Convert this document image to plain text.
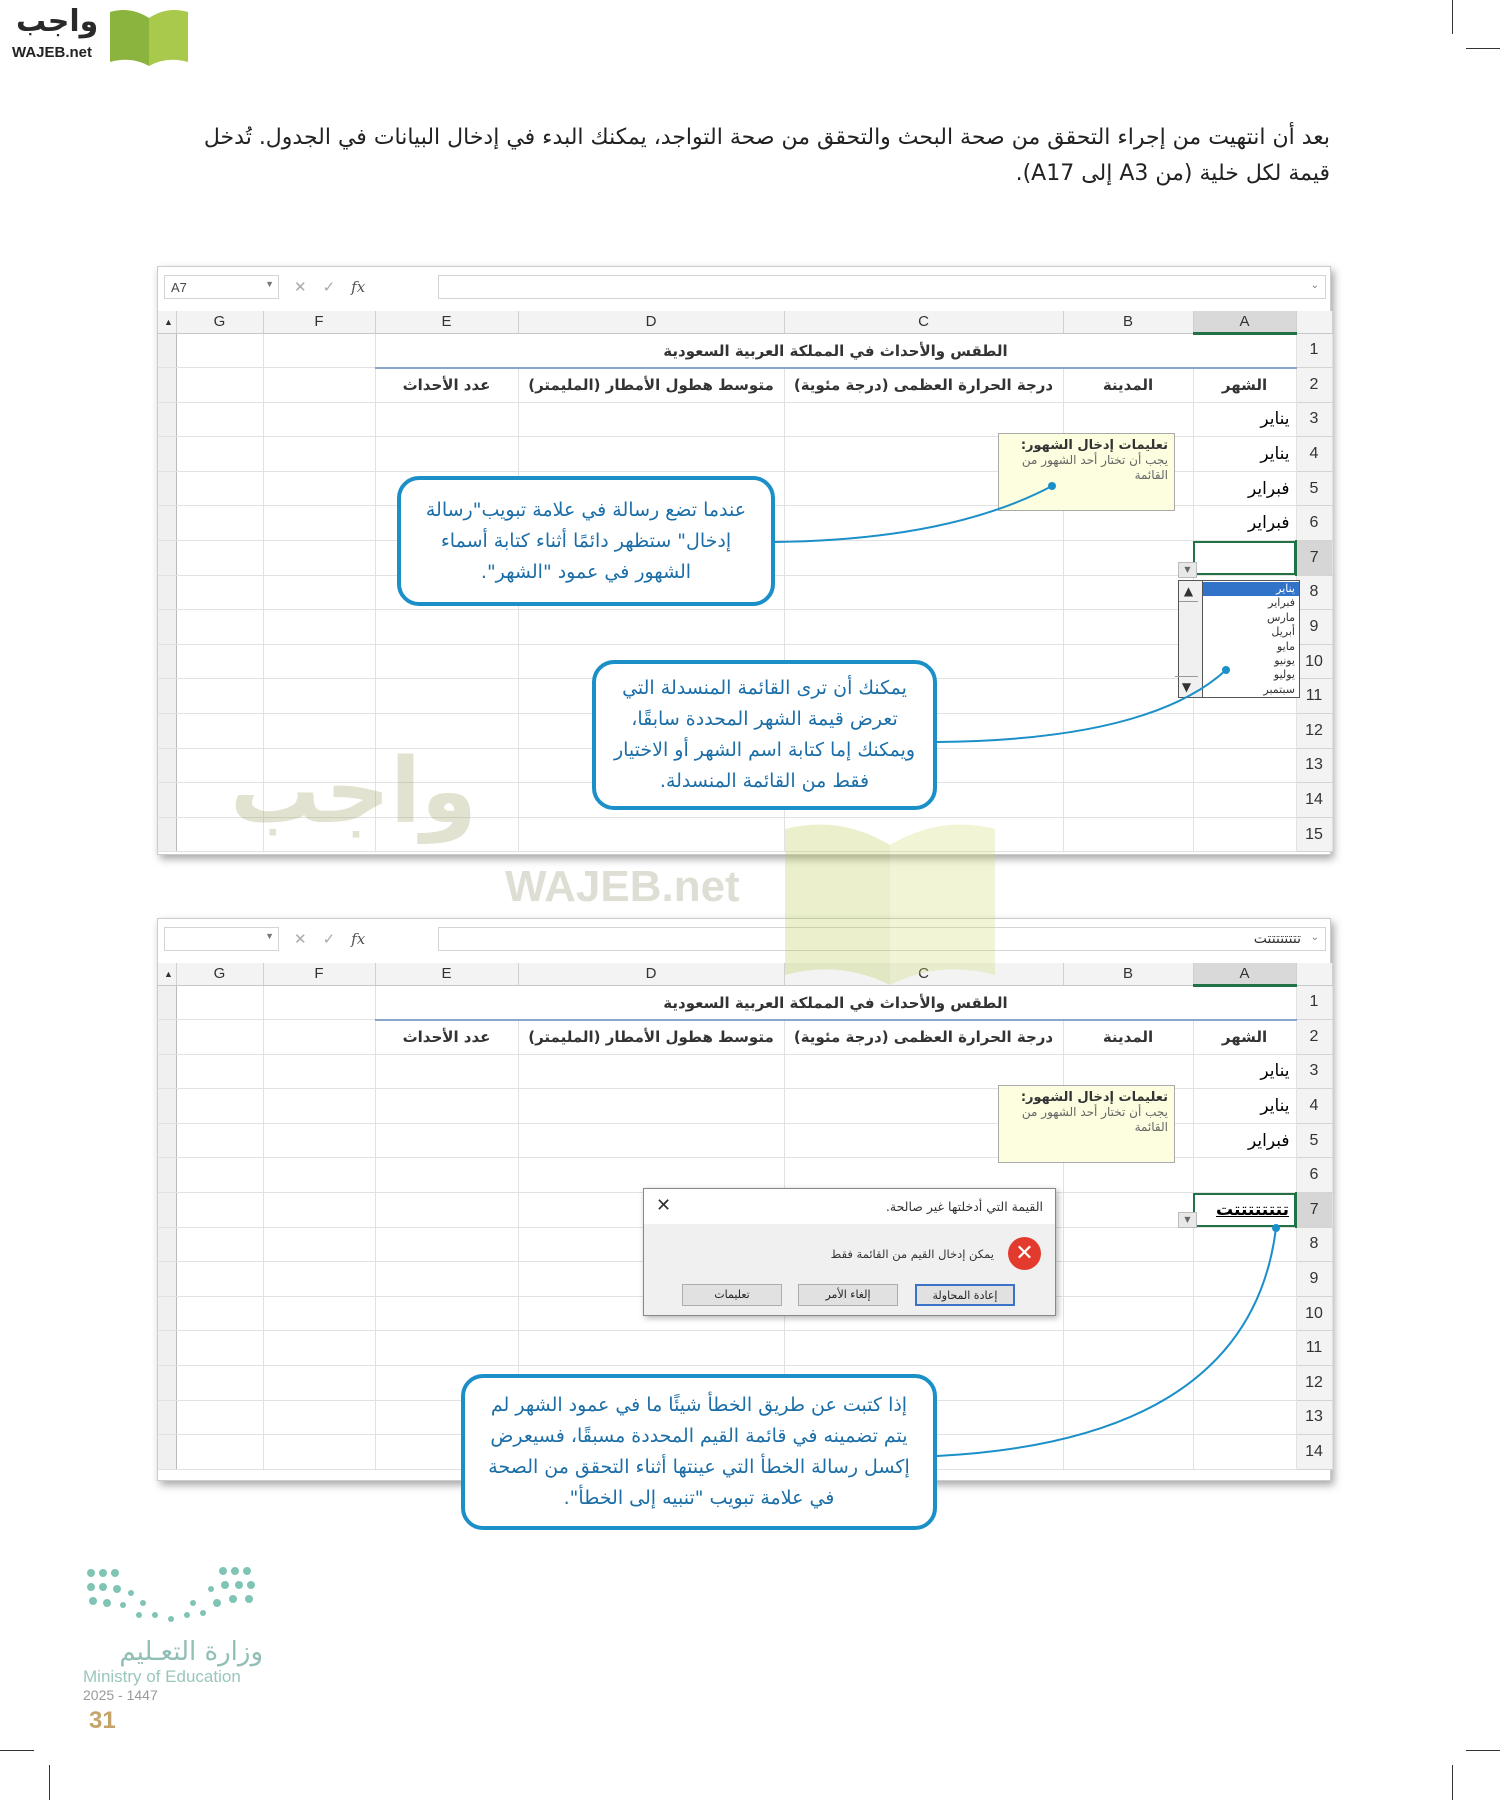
واجب
WAJEB.net
بعد أن انتهيت من إجراء التحقق من صحة البحث والتحقق من صحة التواجد، يمكنك البدء في إدخال البيانات في الجدول. تُدخل
قيمة لكل خلية (من A3 إلى A17).
A7	▼ ✕ ✓ fx	⌄
▲	G	F	E	D	C	B	A	
			الطقس والأحداث في المملكة العربية السعودية					1
			عدد الأحداث	متوسط هطول الأمطار (المليمتر)	درجة الحرارة العظمى (درجة مئوية)	المدينة	الشهر	2
							يناير	3
							يناير	4
							فبراير	5
							فبراير	6
								7
								8
								9
								10
								11
								12
								13
								14
								15
▼ ✕ ✓ fx	تتتتتتتتت ⌄
▲	G	F	E	D	C	B	A	
			الطقس والأحداث في المملكة العربية السعودية					1
			عدد الأحداث	متوسط هطول الأمطار (المليمتر)	درجة الحرارة العظمى (درجة مئوية)	المدينة	الشهر	2
							يناير	3
							يناير	4
							فبراير	5
								6
							تتتتتتتتت	7
								8
								9
								10
								11
								12
								13
								14
واجب
WAJEB.net
تعليمات إدخال الشهور:
يجب أن تختار أحد الشهور من القائمة
▼
▲
▼
يناير
فبراير
مارس
أبريل
مايو
يونيو
يوليو
سبتمبر
تعليمات إدخال الشهور:
يجب أن تختار أحد الشهور من القائمة
▼
القيمة التي أدخلتها غير صالحة.
✕
✕
يمكن إدخال القيم من القائمة فقط
إعادة المحاولة
إلغاء الأمر
تعليمات
عندما تضع رسالة في علامة تبويب"رسالة إدخال" ستظهر دائمًا أثناء كتابة أسماء الشهور في عمود "الشهر".
يمكنك أن ترى القائمة المنسدلة التي تعرض قيمة الشهر المحددة سابقًا، ويمكنك إما كتابة اسم الشهر أو الاختيار فقط من القائمة المنسدلة.
إذا كتبت عن طريق الخطأ شيئًا ما في عمود الشهر لم يتم تضمينه في قائمة القيم المحددة مسبقًا، فسيعرض إكسل رسالة الخطأ التي عينتها أثناء التحقق من الصحة في علامة تبويب "تنبيه إلى الخطأ".
وزارة التعـليم
Ministry of Education
2025 - 1447
31
